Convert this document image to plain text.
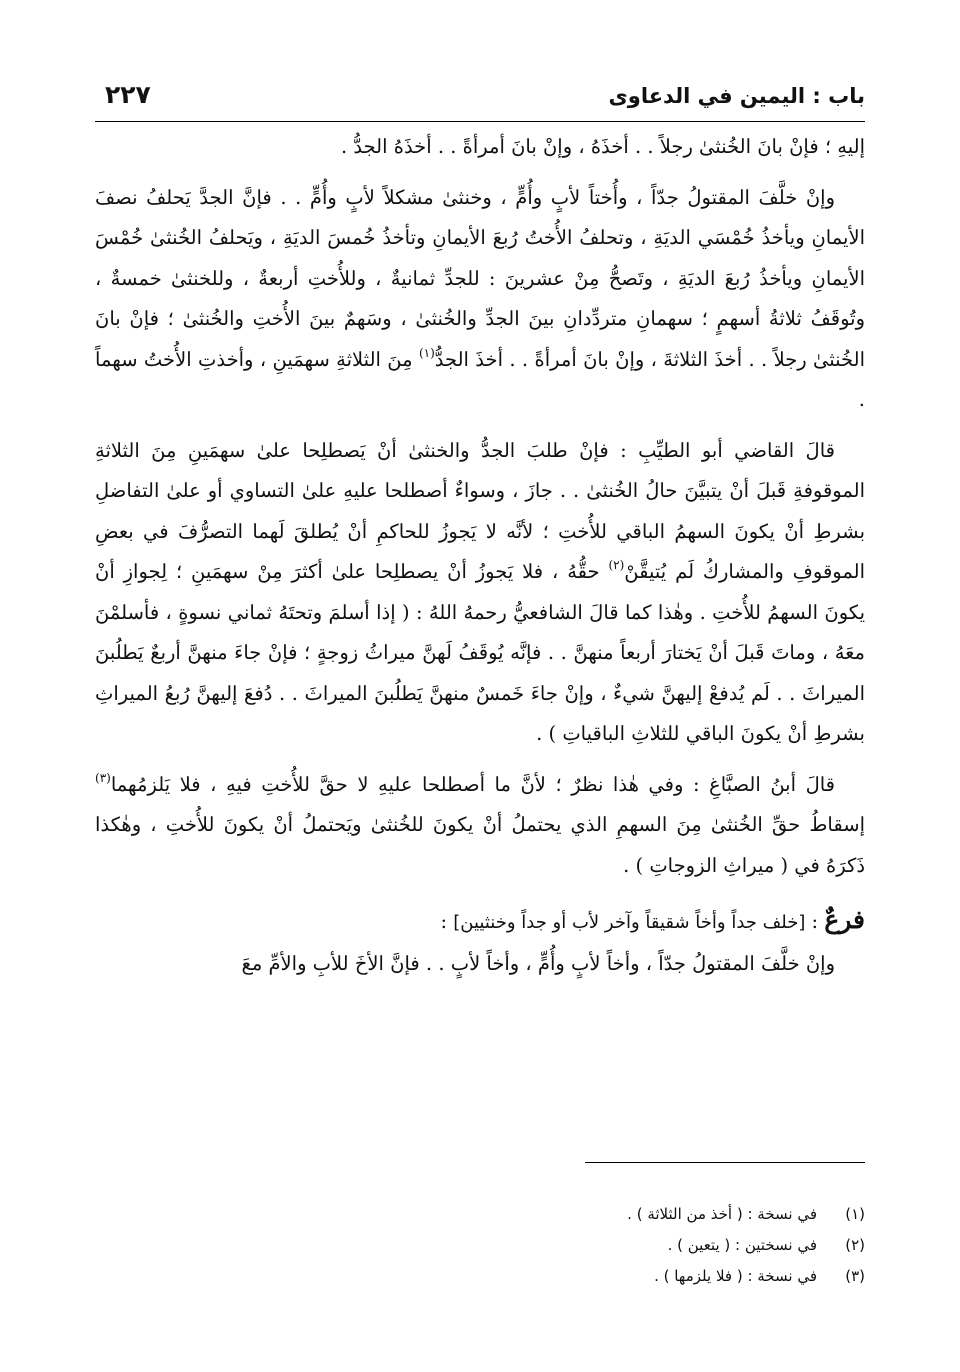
باب : اليمين في الدعاوى
٢٢٧

إليهِ ؛ فإنْ بانَ الخُنثىٰ رجلاً . . أخذَهُ ، وإنْ بانَ أمرأةً . . أخذَهُ الجدُّ .

وإنْ خلَّفَ المقتولُ جدّاً ، وأُختاً لأبٍ وأُمٍّ ، وخنثىٰ مشكلاً لأبٍ وأُمٍّ . . فإنَّ الجدَّ يَحلفُ نصفَ الأيمانِ ويأخذُ خُمْسَي الديَةِ ، وتحلفُ الأُختُ رُبعَ الأيمانِ وتأخذُ خُمسَ الديَةِ ، ويَحلفُ الخُنثىٰ خُمْسَ الأيمانِ ويأخذُ رُبعَ الديَةِ ، وتَصحُّ مِنْ عشرينَ : للجدِّ ثمانيةٌ ، وللأُختِ أربعةٌ ، وللخنثىٰ خمسةٌ ، وتُوقَفُ ثلاثةُ أسهمٍ ؛ سهمانِ متردِّدانِ بينَ الجدِّ والخُنثىٰ ، وسَهمٌ بينَ الأُختِ والخُنثىٰ ؛ فإنْ بانَ الخُنثىٰ رجلاً . . أخذَ الثلاثةَ ، وإنْ بانَ أمرأةً . . أخذَ الجدُّ$^{(١)}$ مِنَ الثلاثةِ سهمَينِ ، وأخذتِ الأُختُ سهماً .

قالَ القاضي أبو الطيِّبِ : فإنْ طلبَ الجدُّ والخنثىٰ أنْ يَصطلِحا علىٰ سهمَينِ مِنَ الثلاثةِ الموقوفةِ قَبلَ أنْ يتبيَّنَ حالُ الخُنثىٰ . . جازَ ، وسواءٌ أصطلحا عليهِ علىٰ التساوي أو علىٰ التفاضلِ بشرطِ أنْ يكونَ السهمُ الباقي للأُختِ ؛ لأنَّه لا يَجوزُ للحاكمِ أنْ يُطلقَ لَهما التصرُّفَ في بعضِ الموقوفِ والمشاركُ لَم يُتيقَّنْ$^{(٢)}$ حقُّهُ ، فلا يَجوزُ أنْ يصطلِحا علىٰ أكثرَ مِنْ سهمَينِ ؛ لِجوازِ أنْ يكونَ السهمُ للأُختِ . وهٰذا كما قالَ الشافعيُّ رحمهُ اللهُ : ( إذا أسلمَ وتحتَهُ ثماني نسوةٍ ، فأسلمْنَ معَهُ ، وماتَ قَبلَ أنْ يَختارَ أربعاً منهنَّ . . فإنَّه يُوقَفُ لَهنَّ ميراثُ زوجةٍ ؛ فإنْ جاءَ منهنَّ أربعٌ يَطلُبنَ الميراثَ . . لَم يُدفعْ إليهنَّ شيءٌ ، وإنْ جاءَ خَمسٌ منهنَّ يَطلُبنَ الميراثَ . . دُفعَ إليهنَّ رُبعُ الميراثِ بشرطِ أنْ يكونَ الباقي للثلاثِ الباقياتِ ) .

قالَ أبنُ الصبَّاغِ : وفي هٰذا نظرٌ ؛ لأنَّ ما أصطلحا عليهِ لا حقَّ للأُختِ فيهِ ، فلا يَلزمُهما$^{(٣)}$ إسقاطُ حقِّ الخُنثىٰ مِنَ السهمِ الذي يحتملُ أنْ يكونَ للخُنثىٰ ويَحتملُ أنْ يكونَ للأُختِ ، وهٰكذا ذَكرَهُ في ( ميراثِ الزوجاتِ ) .

فرعٌ : [خلف جداً وأخاً شقيقاً وآخر لأب أو جداً وخنثيين] :

وإنْ خلَّفَ المقتولُ جدّاً ، وأخاً لأبٍ وأُمٍّ ، وأخاً لأبٍ . . فإنَّ الأخَ للأبِ والأمِّ معَ

(١)في نسخة : ( أخذ من الثلاثة ) .
(٢)في نسختين : ( يتعين ) .
(٣)في نسخة : ( فلا يلزمها ) .
